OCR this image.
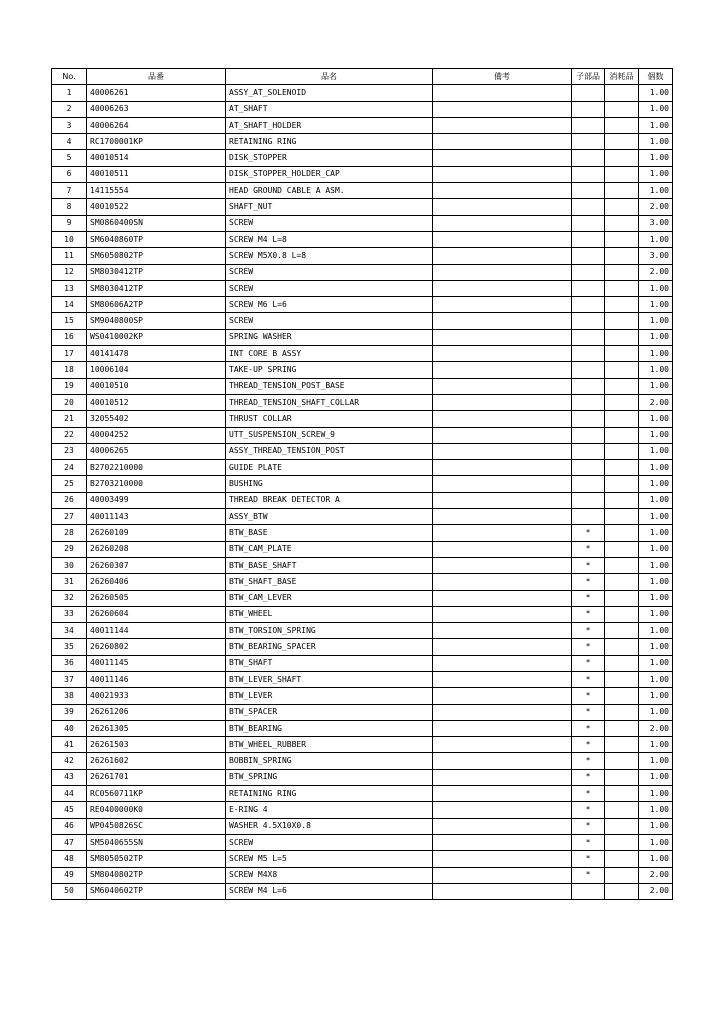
No.	品番	品名	備考	子部品	消耗品	個数
1	40006261	ASSY_AT_SOLENOID				1.00
2	40006263	AT_SHAFT				1.00
3	40006264	AT_SHAFT_HOLDER				1.00
4	RC1700001KP	RETAINING RING				1.00
5	40010514	DISK_STOPPER				1.00
6	40010511	DISK_STOPPER_HOLDER_CAP				1.00
7	14115554	HEAD GROUND CABLE A ASM.				1.00
8	40010522	SHAFT_NUT				2.00
9	SM0860400SN	SCREW				3.00
10	SM6040860TP	SCREW M4 L=8				1.00
11	SM6050802TP	SCREW M5X0.8 L=8				3.00
12	SM8030412TP	SCREW				2.00
13	SM8030412TP	SCREW				1.00
14	SM80606A2TP	SCREW M6 L=6				1.00
15	SM9040800SP	SCREW				1.00
16	WS0410002KP	SPRING WASHER				1.00
17	40141478	INT CORE B ASSY				1.00
18	10006104	TAKE-UP SPRING				1.00
19	40010510	THREAD_TENSION_POST_BASE				1.00
20	40010512	THREAD_TENSION_SHAFT_COLLAR				2.00
21	32055402	THRUST COLLAR				1.00
22	40004252	UTT_SUSPENSION_SCREW_9				1.00
23	40006265	ASSY_THREAD_TENSION_POST				1.00
24	B2702210000	GUIDE PLATE				1.00
25	B2703210000	BUSHING				1.00
26	40003499	THREAD BREAK DETECTOR A				1.00
27	40011143	ASSY_BTW				1.00
28	26260109	BTW_BASE		*		1.00
29	26260208	BTW_CAM_PLATE		*		1.00
30	26260307	BTW_BASE_SHAFT		*		1.00
31	26260406	BTW_SHAFT_BASE		*		1.00
32	26260505	BTW_CAM_LEVER		*		1.00
33	26260604	BTW_WHEEL		*		1.00
34	40011144	BTW_TORSION_SPRING		*		1.00
35	26260802	BTW_BEARING_SPACER		*		1.00
36	40011145	BTW_SHAFT		*		1.00
37	40011146	BTW_LEVER_SHAFT		*		1.00
38	40021933	BTW_LEVER		*		1.00
39	26261206	BTW_SPACER		*		1.00
40	26261305	BTW_BEARING		*		2.00
41	26261503	BTW_WHEEL_RUBBER		*		1.00
42	26261602	BOBBIN_SPRING		*		1.00
43	26261701	BTW_SPRING		*		1.00
44	RC0560711KP	RETAINING RING		*		1.00
45	RE0400000K0	E-RING 4		*		1.00
46	WP0450826SC	WASHER 4.5X10X0.8		*		1.00
47	SM5040655SN	SCREW		*		1.00
48	SM8050502TP	SCREW M5 L=5		*		1.00
49	SM8040802TP	SCREW M4X8		*		2.00
50	SM6040602TP	SCREW M4 L=6				2.00
